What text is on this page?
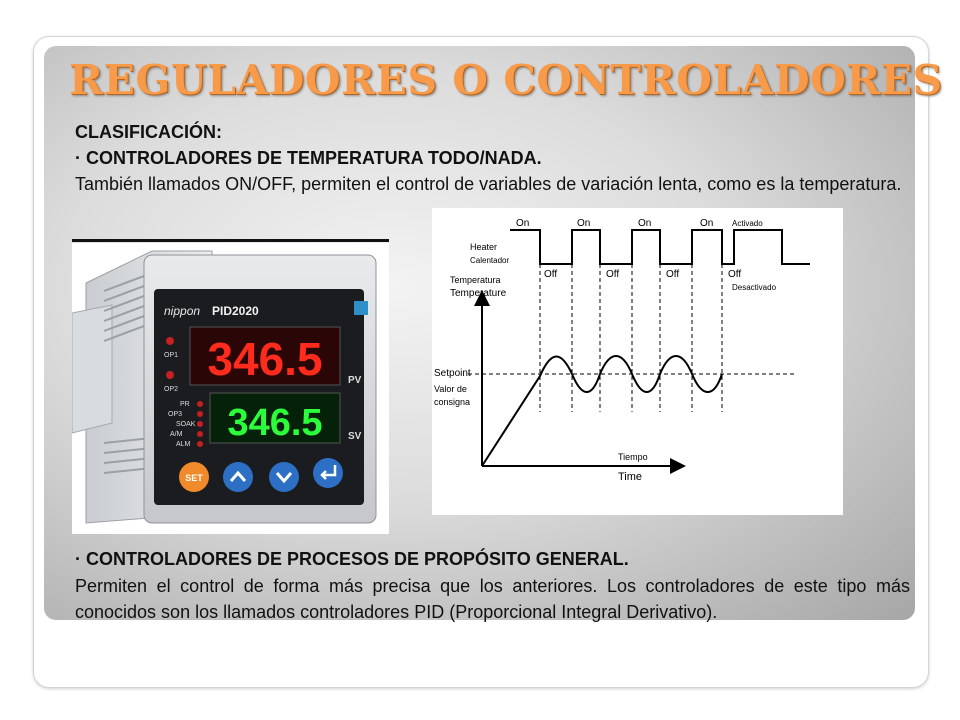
REGULADORES O CONTROLADORES

CLASIFICACIÓN:

· CONTROLADORES DE TEMPERATURA TODO/NADA.

También llamados ON/OFF, permiten el control de variables de variación lenta, como es la temperatura.

nippon PID2020
346.5	PV
346.5	SV
OP1
OP2
PR
OP3
SOAK
A/M
ALM
SET
Heater
Calentador
On	On	On	On Activado
Off	Off	Off	Off
Desactivado
Temperatura
Temperature
Setpoint
Valor de
consigna
Tiempo
Time

· CONTROLADORES DE PROCESOS DE PROPÓSITO GENERAL.

Permiten el control de forma más precisa que los anteriores. Los controladores de este tipo más conocidos son los llamados controladores PID (Proporcional Integral Derivativo).
